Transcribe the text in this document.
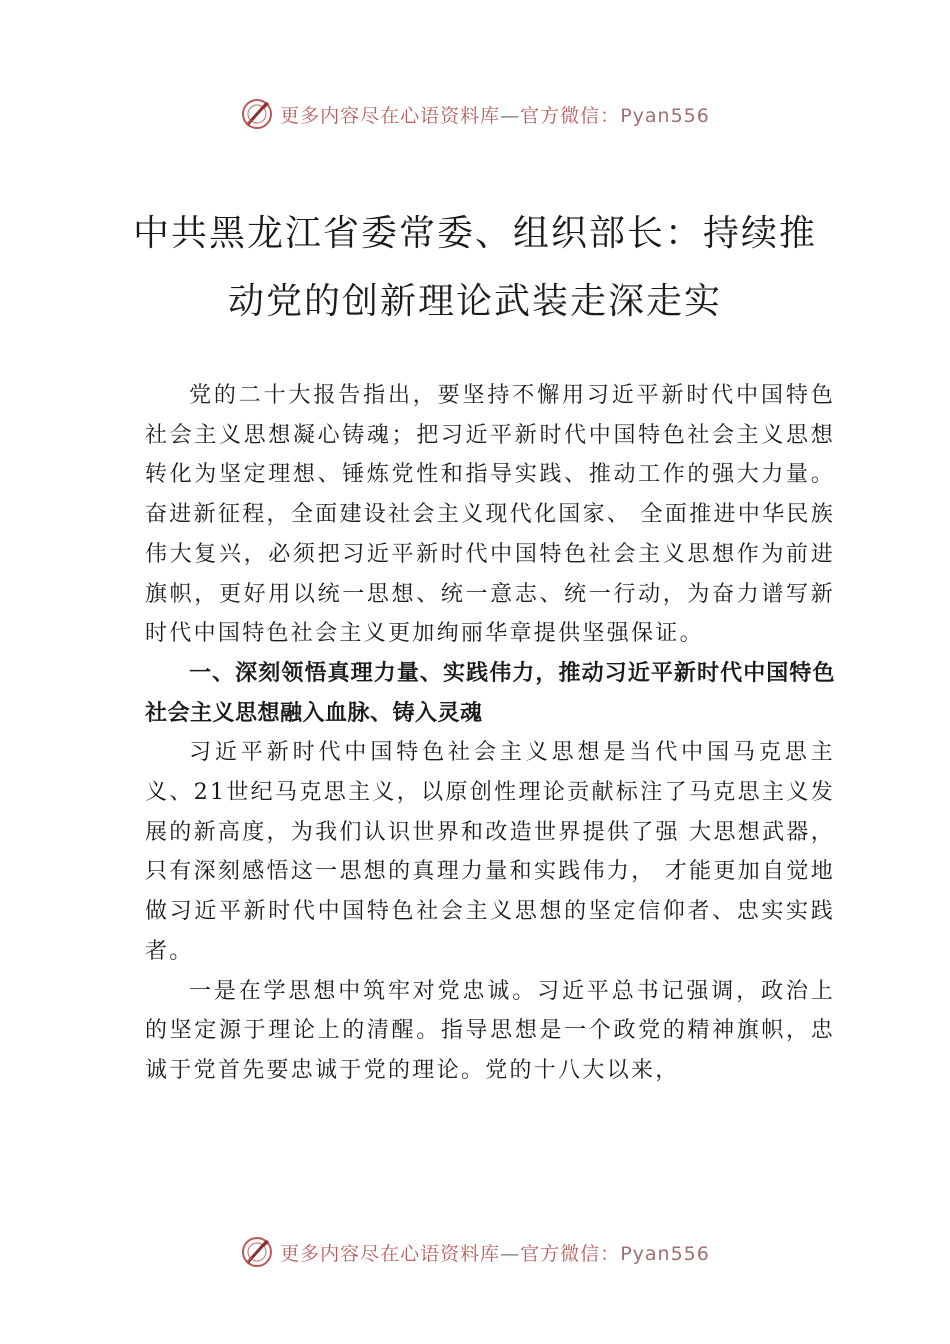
更多内容尽在心语资料库—官方微信：Pyan556
中共黑龙江省委常委、组织部长：持续推
动党的创新理论武装走深走实

党的二十大报告指出，要坚持不懈用习近平新时代中国特色社会主义思想凝心铸魂；把习近平新时代中国特色社会主义思想转化为坚定理想、锤炼党性和指导实践、推动工作的强大力量。奋进新征程，全面建设社会主义现代化国家、 全面推进中华民族伟大复兴，必须把习近平新时代中国特色社会主义思想作为前进旗帜，更好用以统一思想、统一意志、统一行动，为奋力谱写新时代中国特色社会主义更加绚丽华章提供坚强保证。

一、深刻领悟真理力量、实践伟力，推动习近平新时代中国特色社会主义思想融入血脉、铸入灵魂

习近平新时代中国特色社会主义思想是当代中国马克思主义、21世纪马克思主义，以原创性理论贡献标注了马克思主义发展的新高度，为我们认识世界和改造世界提供了强 大思想武器，只有深刻感悟这一思想的真理力量和实践伟力， 才能更加自觉地做习近平新时代中国特色社会主义思想的坚定信仰者、忠实实践者。

一是在学思想中筑牢对党忠诚。习近平总书记强调，政治上的坚定源于理论上的清醒。指导思想是一个政党的精神旗帜，忠诚于党首先要忠诚于党的理论。党的十八大以来，

更多内容尽在心语资料库—官方微信：Pyan556
